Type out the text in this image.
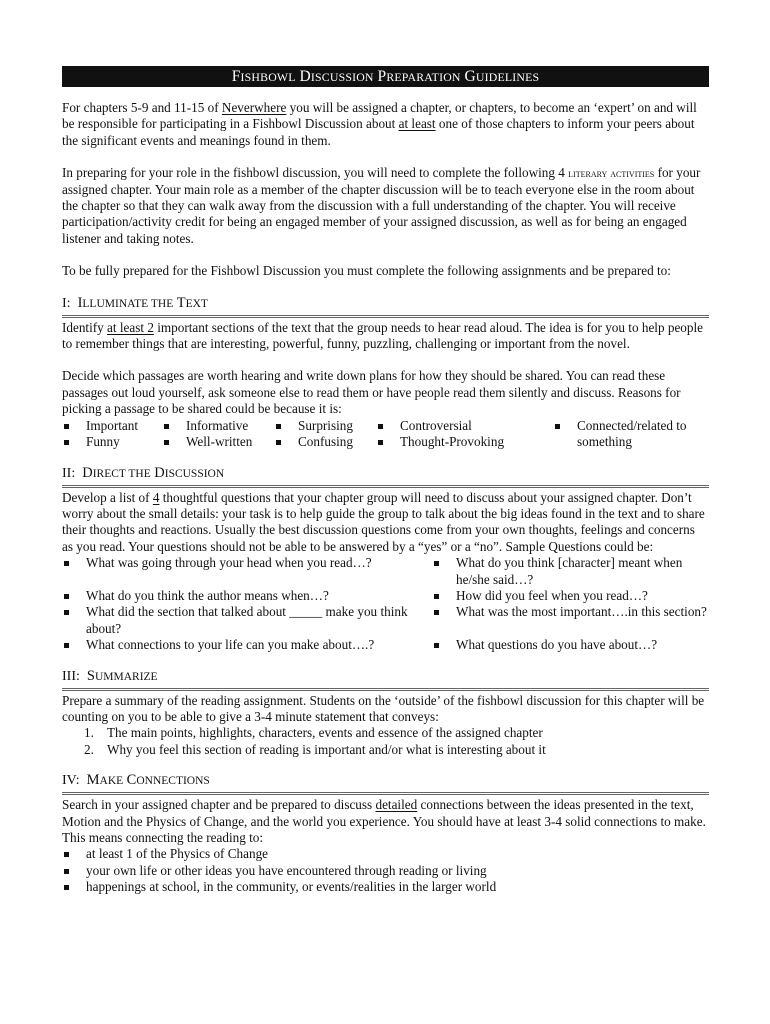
FISHBOWL DISCUSSION PREPARATION GUIDELINES

For chapters 5-9 and 11-15 of Neverwhere you will be assigned a chapter, or chapters, to become an ‘expert’ on and will be responsible for participating in a Fishbowl Discussion about at least one of those chapters to inform your peers about the significant events and meanings found in them.

In preparing for your role in the fishbowl discussion, you will need to complete the following 4 literary activities for your assigned chapter. Your main role as a member of the chapter discussion will be to teach everyone else in the room about the chapter so that they can walk away from the discussion with a full understanding of the chapter. You will receive participation/activity credit for being an engaged member of your assigned discussion, as well as for being an engaged listener and taking notes.

To be fully prepared for the Fishbowl Discussion you must complete the following assignments and be prepared to:

I: ILLUMINATE THE TEXT

Identify at least 2 important sections of the text that the group needs to hear read aloud. The idea is for you to help people to remember things that are interesting, powerful, funny, puzzling, challenging or important from the novel.

Decide which passages are worth hearing and write down plans for how they should be shared. You can read these passages out loud yourself, ask someone else to read them or have people read them silently and discuss. Reasons for picking a passage to be shared could be because it is:

Important	Informative	Surprising	Controversial	Connected/related to something
Funny	Well-written	Confusing	Thought-Provoking
II: DIRECT THE DISCUSSION

Develop a list of 4 thoughtful questions that your chapter group will need to discuss about your assigned chapter. Don’t worry about the small details: your task is to help guide the group to talk about the big ideas found in the text and to share their thoughts and reactions. Usually the best discussion questions come from your own thoughts, feelings and concerns as you read. Your questions should not be able to be answered by a “yes” or a “no”. Sample Questions could be:

What was going through your head when you read…?	What do you think [character] meant when he/she said…?
What do you think the author means when…?	How did you feel when you read…?
What did the section that talked about _____ make you think about?
What was the most important….in this section?
What connections to your life can you make about….?	What questions do you have about…?
III: SUMMARIZE

Prepare a summary of the reading assignment. Students on the ‘outside’ of the fishbowl discussion for this chapter will be counting on you to be able to give a 3-4 minute statement that conveys:

1. The main points, highlights, characters, events and essence of the assigned chapter
2. Why you feel this section of reading is important and/or what is interesting about it
IV: MAKE CONNECTIONS

Search in your assigned chapter and be prepared to discuss detailed connections between the ideas presented in the text, Motion and the Physics of Change, and the world you experience. You should have at least 3-4 solid connections to make. This means connecting the reading to:

at least 1 of the Physics of Change
your own life or other ideas you have encountered through reading or living
happenings at school, in the community, or events/realities in the larger world
